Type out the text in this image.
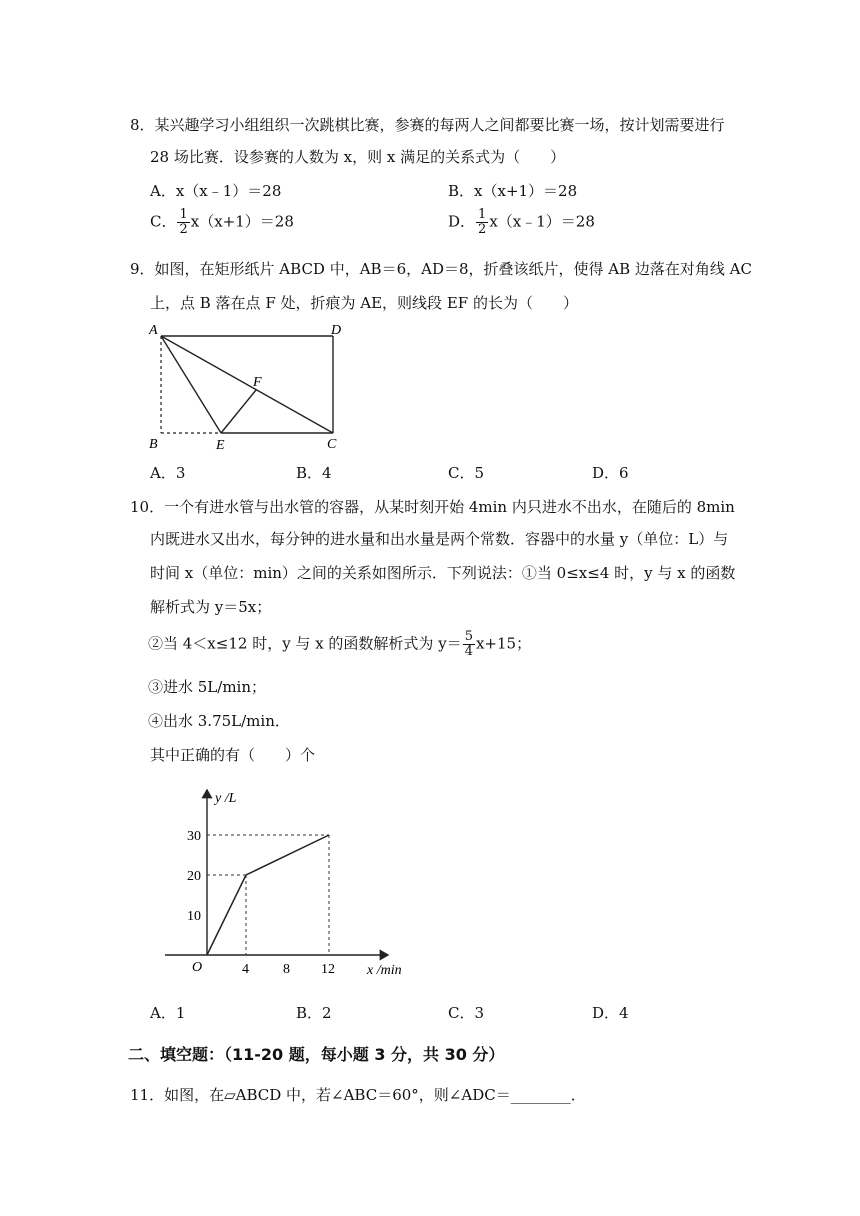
8．某兴趣学习小组组织一次跳棋比赛，参赛的每两人之间都要比赛一场，按计划需要进行
28 场比赛．设参赛的人数为 x，则 x 满足的关系式为（　　）
A．x（x﹣1）＝28	B．x（x+1）＝28
C． $\frac{1}{2} x(x+1)=28$	D． $\frac{1}{2}$ x（x﹣1）＝28
9．如图，在矩形纸片 ABCD 中，AB＝6，AD＝8，折叠该纸片，使得 AB 边落在对角线 AC
上，点 B 落在点 F 处，折痕为 AE，则线段 EF 的长为（　　）
A	D
F
B	E	C
A．3	B．4	C．5	D．6
10．一个有进水管与出水管的容器，从某时刻开始 4min 内只进水不出水，在随后的 8min
内既进水又出水，每分钟的进水量和出水量是两个常数．容器中的水量 y（单位：L）与
时间 x（单位：min）之间的关系如图所示．下列说法：①当 0≤x≤4 时，y 与 x 的函数
解析式为 y＝5x；
②当 4＜x≤12 时，y 与 x 的函数解析式为 $y= \frac{5}{4} x+15$；
③进水 5L/min；
④出水 3.75L/min．
其中正确的有（　　）个
y /L
x /min
O
10
20
30
4 8 12
A．1	B．2	C．3	D．4
二、填空题：（11-20 题，每小题 3 分，共 30 分）
11．如图，在▱ABCD 中，若∠ABC＝60°，则∠ADC＝________．
